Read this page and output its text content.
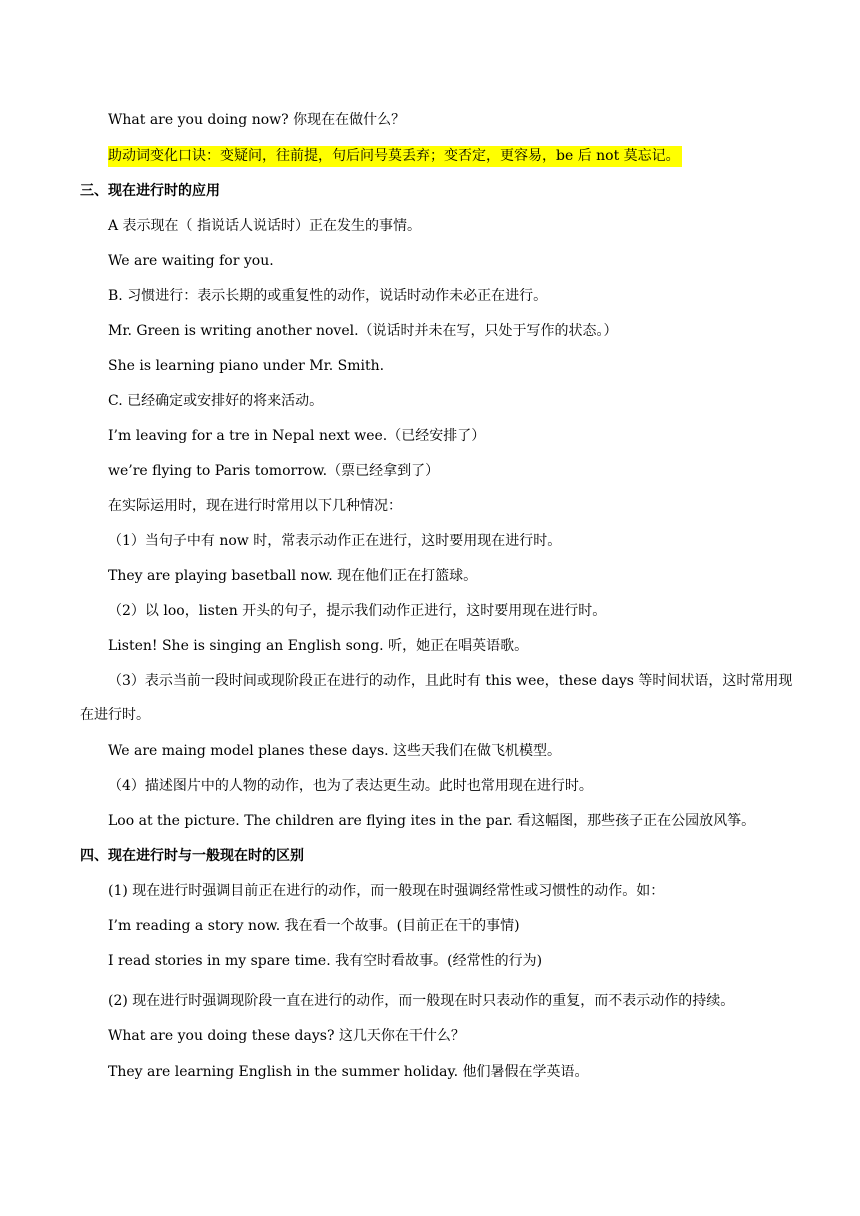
What are you doing now? 你现在在做什么？
助动词变化口诀：变疑问，往前提，句后问号莫丢弃；变否定，更容易，be 后 not 莫忘记。
三、现在进行时的应用
A 表示现在（ 指说话人说话时）正在发生的事情。
We are waiting for you.
B. 习惯进行：表示长期的或重复性的动作，说话时动作未必正在进行。
Mr. Green is writing another novel.（说话时并未在写，只处于写作的状态。）
She is learning piano under Mr. Smith.
C. 已经确定或安排好的将来活动。
I’m leaving for a tre in Nepal next wee.（已经安排了）
we’re flying to Paris tomorrow.（票已经拿到了）
在实际运用时，现在进行时常用以下几种情况：
（1）当句子中有 now 时，常表示动作正在进行，这时要用现在进行时。
They are playing basetball now. 现在他们正在打篮球。
（2）以 loo，listen 开头的句子，提示我们动作正进行，这时要用现在进行时。
Listen! She is singing an English song. 听，她正在唱英语歌。
（3）表示当前一段时间或现阶段正在进行的动作，且此时有 this wee，these days 等时间状语，这时常用现在进行时。
We are maing model planes these days. 这些天我们在做飞机模型。
（4）描述图片中的人物的动作，也为了表达更生动。此时也常用现在进行时。
Loo at the picture. The children are flying ites in the par. 看这幅图，那些孩子正在公园放风筝。
四、现在进行时与一般现在时的区别
(1) 现在进行时强调目前正在进行的动作，而一般现在时强调经常性或习惯性的动作。如：
I’m reading a story now. 我在看一个故事。(目前正在干的事情)
I read stories in my spare time. 我有空时看故事。(经常性的行为)
(2) 现在进行时强调现阶段一直在进行的动作，而一般现在时只表动作的重复，而不表示动作的持续。
What are you doing these days? 这几天你在干什么？
They are learning English in the summer holiday. 他们暑假在学英语。
